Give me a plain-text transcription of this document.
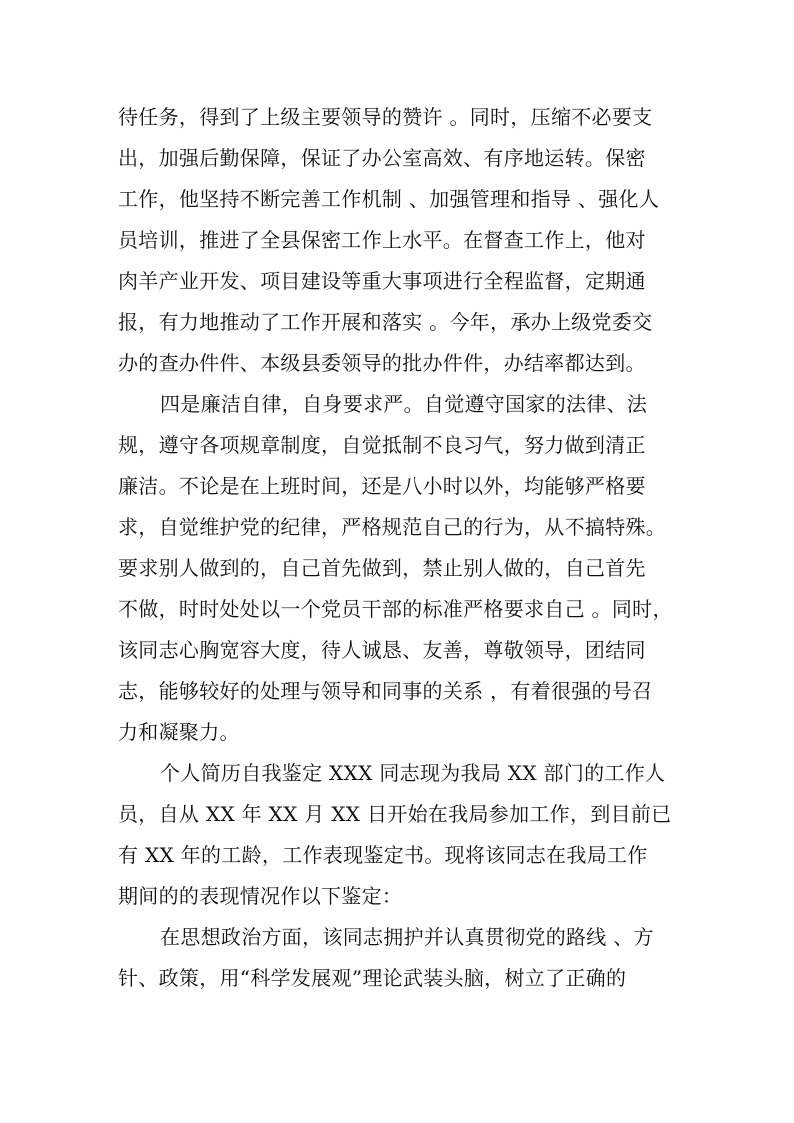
待任务，得到了上级主要领导的赞许 。同时，压缩不必要支
出，加强后勤保障，保证了办公室高效、有序地运转。保密
工作，他坚持不断完善工作机制 、加强管理和指导 、强化人
员培训，推进了全县保密工作上水平。在督查工作上，他对
肉羊产业开发、项目建设等重大事项进行全程监督，定期通
报，有力地推动了工作开展和落实 。今年，承办上级党委交
办的查办件件、本级县委领导的批办件件，办结率都达到。
四是廉洁自律，自身要求严。自觉遵守国家的法律、法
规，遵守各项规章制度，自觉抵制不良习气，努力做到清正
廉洁。不论是在上班时间，还是八小时以外，均能够严格要
求，自觉维护党的纪律，严格规范自己的行为，从不搞特殊。
要求别人做到的，自己首先做到，禁止别人做的，自己首先
不做，时时处处以一个党员干部的标准严格要求自己 。同时，
该同志心胸宽容大度，待人诚恳、友善，尊敬领导，团结同
志，能够较好的处理与领导和同事的关系 ，有着很强的号召
力和凝聚力。
个人简历自我鉴定 XXX 同志现为我局 XX 部门的工作人
员，自从 XX 年 XX 月 XX 日开始在我局参加工作，到目前已
有 XX 年的工龄，工作表现鉴定书。现将该同志在我局工作
期间的的表现情况作以下鉴定：
在思想政治方面，该同志拥护并认真贯彻党的路线 、方
针、政策，用“科学发展观”理论武装头脑，树立了正确的
